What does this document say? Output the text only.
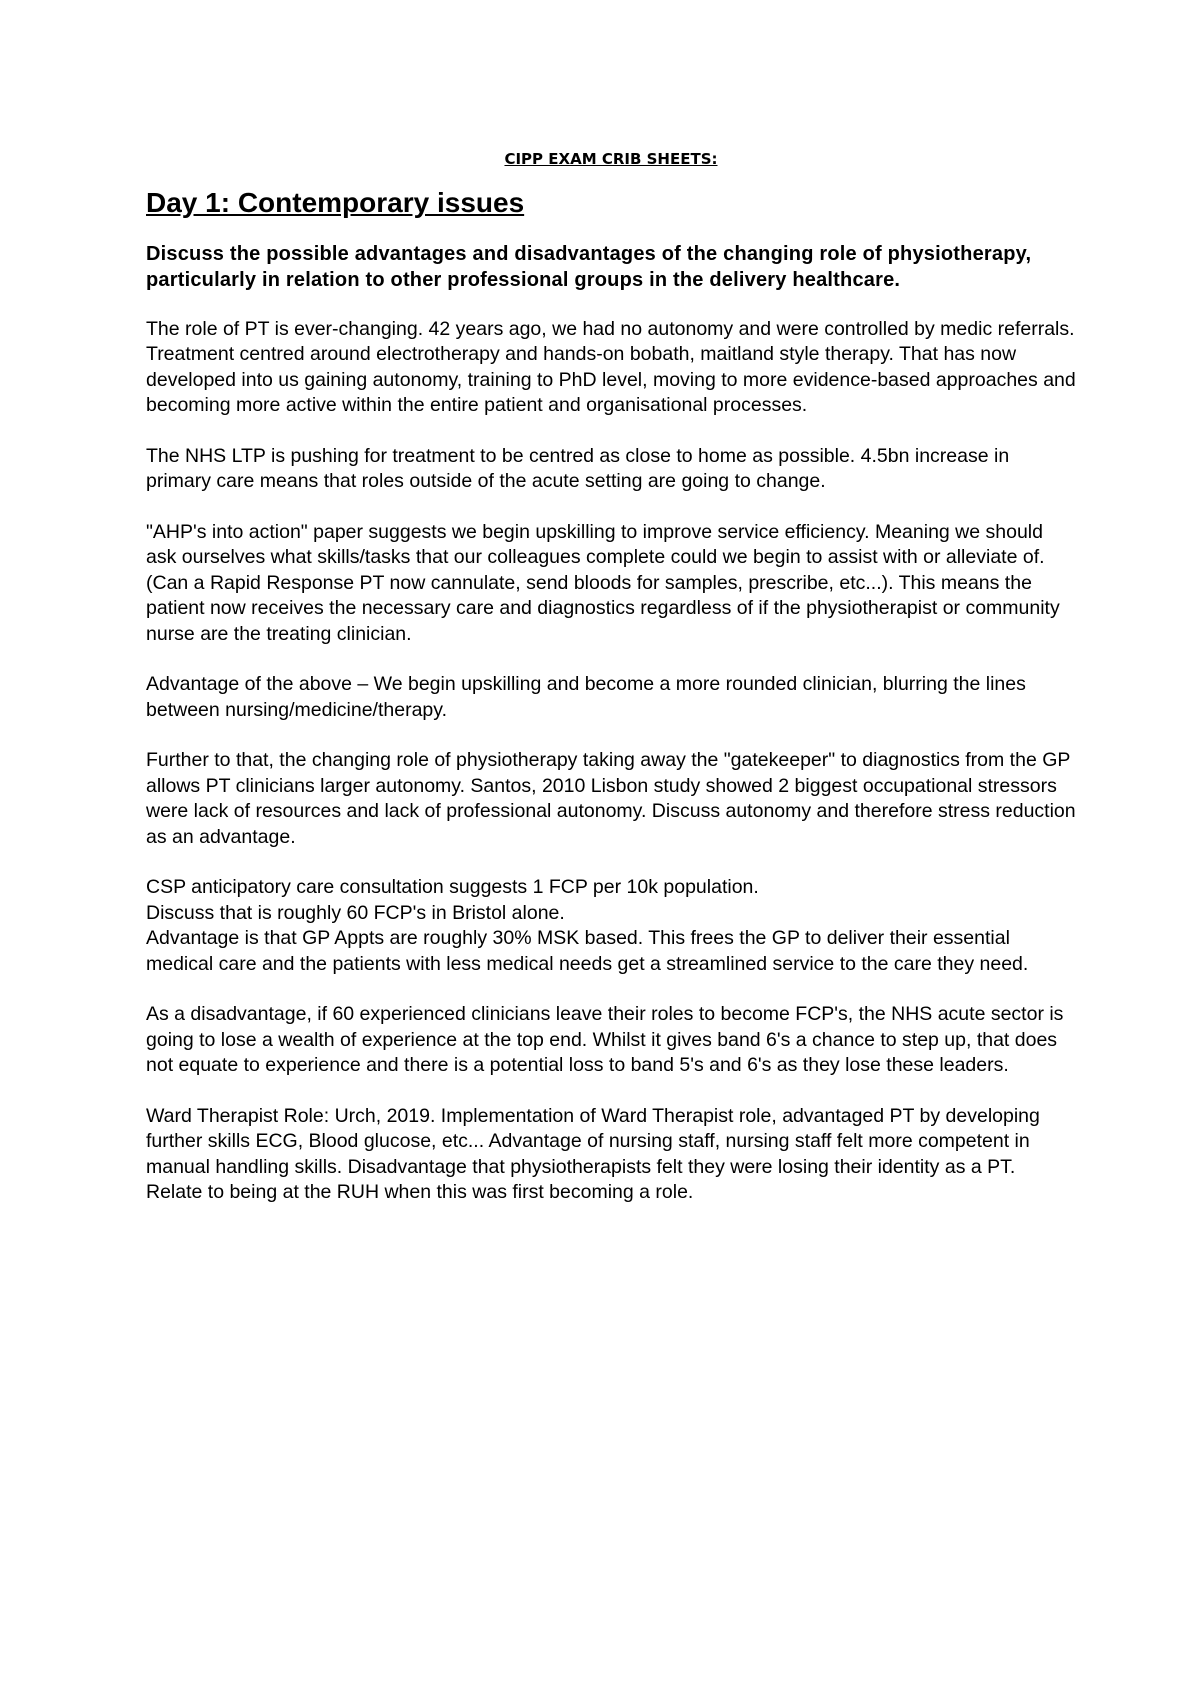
CIPP EXAM CRIB SHEETS:
Day 1: Contemporary issues
Discuss the possible advantages and disadvantages of the changing role of physiotherapy, particularly in relation to other professional groups in the delivery healthcare.
The role of PT is ever-changing. 42 years ago, we had no autonomy and were controlled by medic referrals. Treatment centred around electrotherapy and hands-on bobath, maitland style therapy. That has now developed into us gaining autonomy, training to PhD level, moving to more evidence-based approaches and becoming more active within the entire patient and organisational processes.
The NHS LTP is pushing for treatment to be centred as close to home as possible. 4.5bn increase in primary care means that roles outside of the acute setting are going to change.
"AHP's into action" paper suggests we begin upskilling to improve service efficiency. Meaning we should ask ourselves what skills/tasks that our colleagues complete could we begin to assist with or alleviate of. (Can a Rapid Response PT now cannulate, send bloods for samples, prescribe, etc...). This means the patient now receives the necessary care and diagnostics regardless of if the physiotherapist or community nurse are the treating clinician.
Advantage of the above – We begin upskilling and become a more rounded clinician, blurring the lines between nursing/medicine/therapy.
Further to that, the changing role of physiotherapy taking away the "gatekeeper" to diagnostics from the GP allows PT clinicians larger autonomy. Santos, 2010 Lisbon study showed 2 biggest occupational stressors were lack of resources and lack of professional autonomy. Discuss autonomy and therefore stress reduction as an advantage.
CSP anticipatory care consultation suggests 1 FCP per 10k population.
Discuss that is roughly 60 FCP's in Bristol alone.
Advantage is that GP Appts are roughly 30% MSK based. This frees the GP to deliver their essential medical care and the patients with less medical needs get a streamlined service to the care they need.
As a disadvantage, if 60 experienced clinicians leave their roles to become FCP's, the NHS acute sector is going to lose a wealth of experience at the top end. Whilst it gives band 6's a chance to step up, that does not equate to experience and there is a potential loss to band 5's and 6's as they lose these leaders.
Ward Therapist Role: Urch, 2019. Implementation of Ward Therapist role, advantaged PT by developing further skills ECG, Blood glucose, etc... Advantage of nursing staff, nursing staff felt more competent in manual handling skills. Disadvantage that physiotherapists felt they were losing their identity as a PT. Relate to being at the RUH when this was first becoming a role.
